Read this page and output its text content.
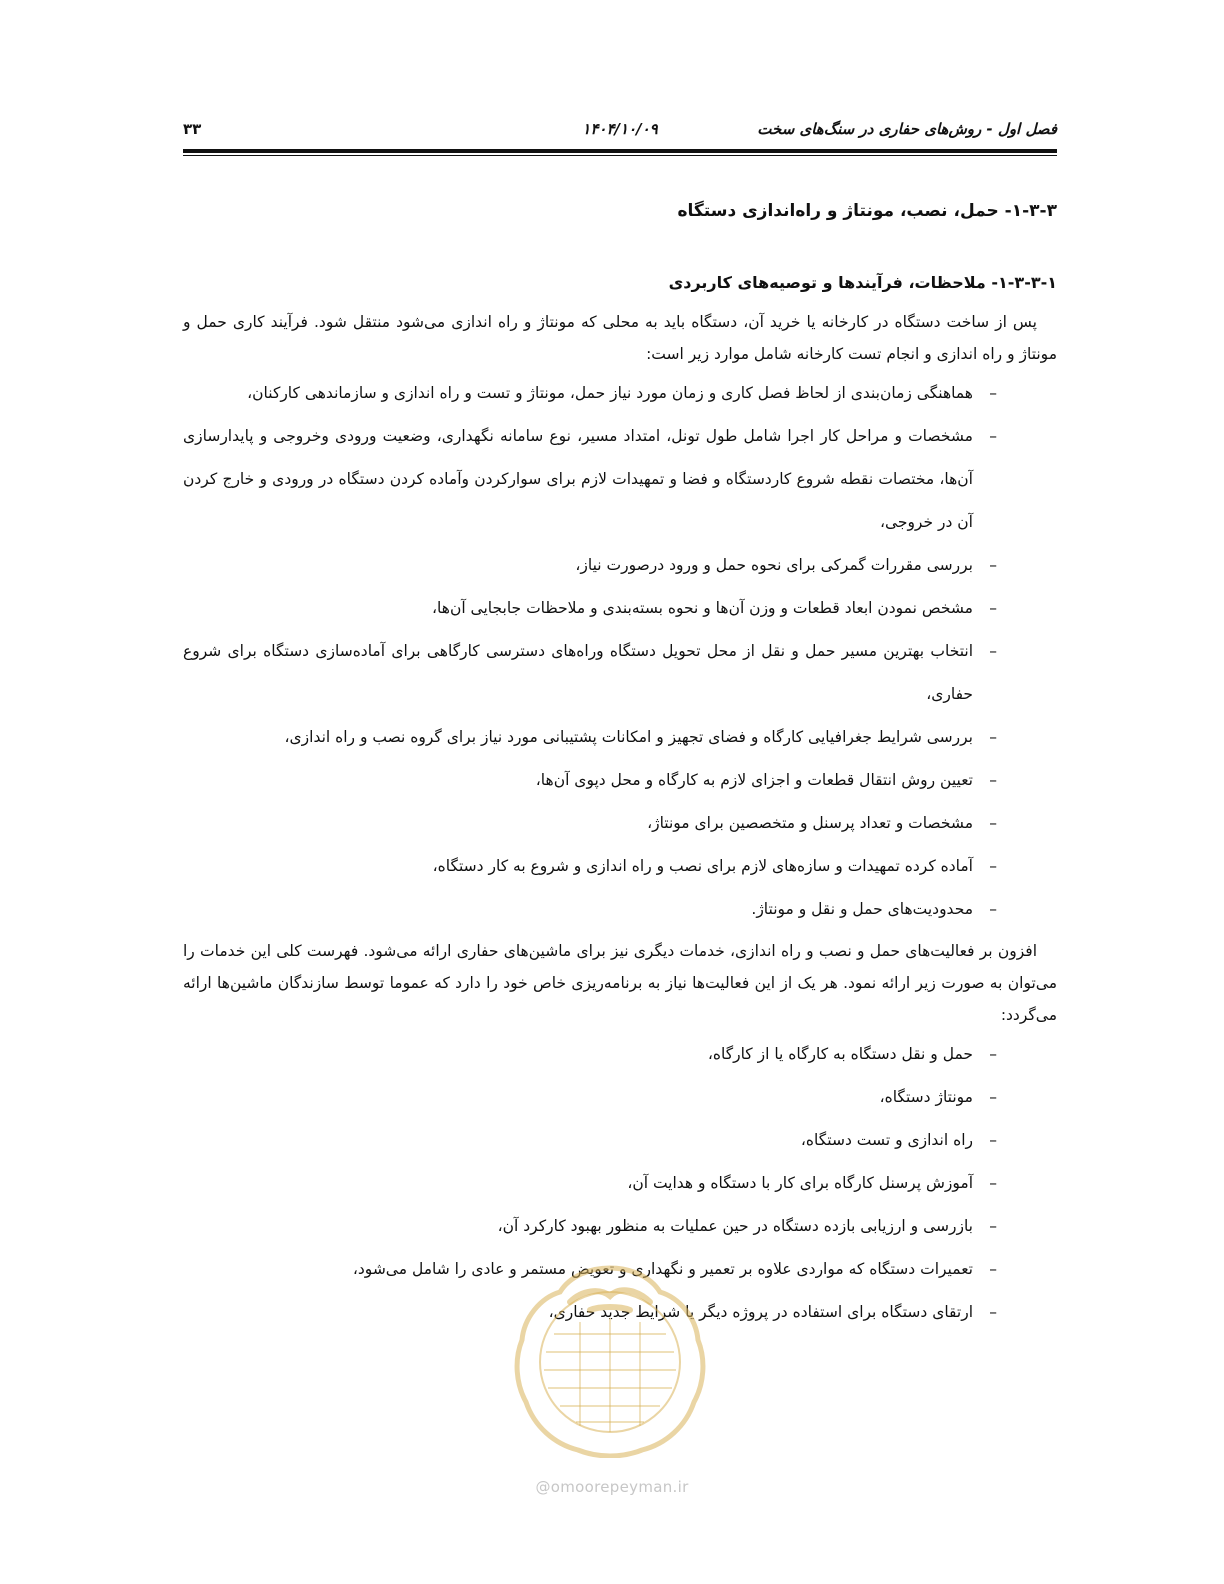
فصل اول - روش‌های حفاری در سنگ‌های سخت
۱۴۰۴/۱۰/۰۹
۳۳
۱-۳-۳- حمل، نصب، مونتاژ و راه‌اندازی دستگاه
۱-۳-۳-۱- ملاحظات، فرآیندها و توصیه‌های کاربردی

پس از ساخت دستگاه در کارخانه یا خرید آن، دستگاه باید به محلی که مونتاژ و راه اندازی می‌شود منتقل شود. فرآیند کاری حمل و مونتاژ و راه اندازی و انجام تست کارخانه شامل موارد زیر است:

–
هماهنگی زمان‌بندی از لحاظ فصل کاری و زمان مورد نیاز حمل، مونتاژ و تست و راه اندازی و سازماندهی کارکنان،
–
مشخصات و مراحل کار اجرا شامل طول تونل، امتداد مسیر، نوع سامانه نگهداری، وضعیت ورودی وخروجی و پایدارسازی آن‌ها، مختصات نقطه شروع کاردستگاه و فضا و تمهیدات لازم برای سوارکردن وآماده کردن دستگاه در ورودی و خارج کردن آن در خروجی،
–
بررسی مقررات گمرکی برای نحوه حمل و ورود درصورت نیاز،
–
مشخص نمودن ابعاد قطعات و وزن آن‌ها و نحوه بسته‌بندی و ملاحظات جابجایی آن‌ها،
–
انتخاب بهترین مسیر حمل و نقل از محل تحویل دستگاه وراه‌های دسترسی کارگاهی برای آماده‌سازی دستگاه برای شروع حفاری،
–
بررسی شرایط جغرافیایی کارگاه و فضای تجهیز و امکانات پشتیبانی مورد نیاز برای گروه نصب و راه اندازی،
–
تعیین روش انتقال قطعات و اجزای لازم به کارگاه و محل دپوی آن‌ها،
–
مشخصات و تعداد پرسنل و متخصصین برای مونتاژ،
–
آماده کرده تمهیدات و سازه‌های لازم برای نصب و راه اندازی و شروع به کار دستگاه،
–
محدودیت‌های حمل و نقل و مونتاژ.

افزون بر فعالیت‌های حمل و نصب و راه اندازی، خدمات دیگری نیز برای ماشین‌های حفاری ارائه می‌شود. فهرست کلی این خدمات را می‌توان به صورت زیر ارائه نمود. هر یک از این فعالیت‌ها نیاز به برنامه‌ریزی خاص خود را دارد که عموما توسط سازندگان ماشین‌ها ارائه می‌گردد:

–
حمل و نقل دستگاه به کارگاه یا از کارگاه،
–
مونتاژ دستگاه،
–
راه اندازی و تست دستگاه،
–
آموزش پرسنل کارگاه برای کار با دستگاه و هدایت آن،
–
بازرسی و ارزیابی بازده دستگاه در حین عملیات به منظور بهبود کارکرد آن،
–
تعمیرات دستگاه که مواردی علاوه بر تعمیر و نگهداری و تعویض مستمر و عادی را شامل می‌شود،
–
ارتقای دستگاه برای استفاده در پروژه دیگر یا شرایط جدید حفاری،
@omoorepeyman.ir
